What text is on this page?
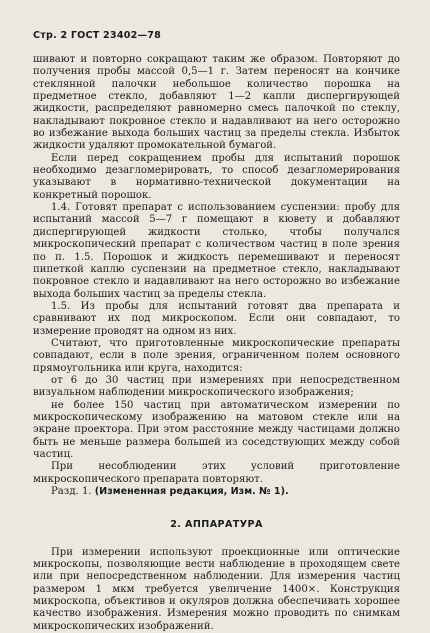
Стр. 2 ГОСТ 23402—78

шивают и повторно сокращают таким же образом. Повторяют до получения пробы массой 0,5—1 г. Затем переносят на кончике стеклянной палочки небольшое количество порошка на предметное стекло, добавляют 1—2 капли диспергирующей жидкости, распределяют равномерно смесь палочкой по стеклу, накладывают покровное стекло и надавливают на него осторожно во избежание выхода больших частиц за пределы стекла. Избыток жидкости удаляют промокательной бумагой.

Если перед сокращением пробы для испытаний порошок необходимо дезагломерировать, то способ дезагломерирования указывают в нормативно-технической документации на конкретный порошок.

1.4. Готовят препарат с использованием суспензии: пробу для испытаний массой 5—7 г помещают в кювету и добавляют диспергирующей жидкости столько, чтобы получался микроскопический препарат с количеством частиц в поле зрения по п. 1.5. Порошок и жидкость перемешивают и переносят пипеткой каплю суспензии на предметное стекло, накладывают покровное стекло и надавливают на него осторожно во избежание выхода больших частиц за пределы стекла.

1.5. Из пробы для испытаний готовят два препарата и сравнивают их под микроскопом. Если они совпадают, то измерение проводят на одном из них.

Считают, что приготовленные микроскопические препараты совпадают, если в поле зрения, ограниченном полем основного прямоугольника или круга, находится:

от 6 до 30 частиц при измерениях при непосредственном визуальном наблюдении микроскопического изображения;

не более 150 частиц при автоматическом измерении по микроскопическому изображению на матовом стекле или на экране проектора. При этом расстояние между частицами должно быть не меньше размера большей из соседствующих между собой частиц.

При несоблюдении этих условий приготовление микроскопического препарата повторяют.

Разд. 1. (Измененная редакция, Изм. № 1).

2. АППАРАТУРА

При измерении используют проекционные или оптические микроскопы, позволяющие вести наблюдение в проходящем свете или при непосредственном наблюдении. Для измерения частиц размером 1 мкм требуется увеличение 1400×. Конструкция микроскопа, объективов и окуляров должна обеспечивать хорошее качество изображения. Измерения можно проводить по снимкам микроскопических изображений.
